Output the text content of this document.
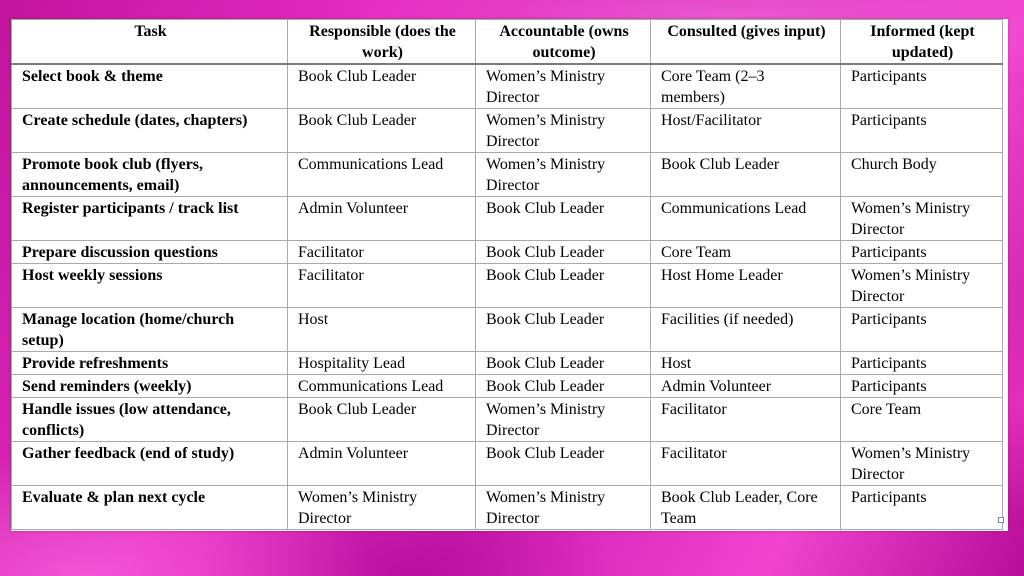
Task	Responsible (does the work)	Accountable (owns outcome)	Consulted (gives input)	Informed (kept updated)
Select book & theme	Book Club Leader	Women’s Ministry Director	Core Team (2–3 members)	Participants
Create schedule (dates, chapters)	Book Club Leader	Women’s Ministry Director	Host/Facilitator	Participants
Promote book club (flyers, announcements, email)	Communications Lead	Women’s Ministry Director	Book Club Leader	Church Body
Register participants / track list	Admin Volunteer	Book Club Leader	Communications Lead	Women’s Ministry Director
Prepare discussion questions	Facilitator	Book Club Leader	Core Team	Participants
Host weekly sessions	Facilitator	Book Club Leader	Host Home Leader	Women’s Ministry Director
Manage location (home/church setup)	Host	Book Club Leader	Facilities (if needed)	Participants
Provide refreshments	Hospitality Lead	Book Club Leader	Host	Participants
Send reminders (weekly)	Communications Lead	Book Club Leader	Admin Volunteer	Participants
Handle issues (low attendance, conflicts)	Book Club Leader	Women’s Ministry Director	Facilitator	Core Team
Gather feedback (end of study)	Admin Volunteer	Book Club Leader	Facilitator	Women’s Ministry Director
Evaluate & plan next cycle	Women’s Ministry Director	Women’s Ministry Director	Book Club Leader, Core Team	Participants
